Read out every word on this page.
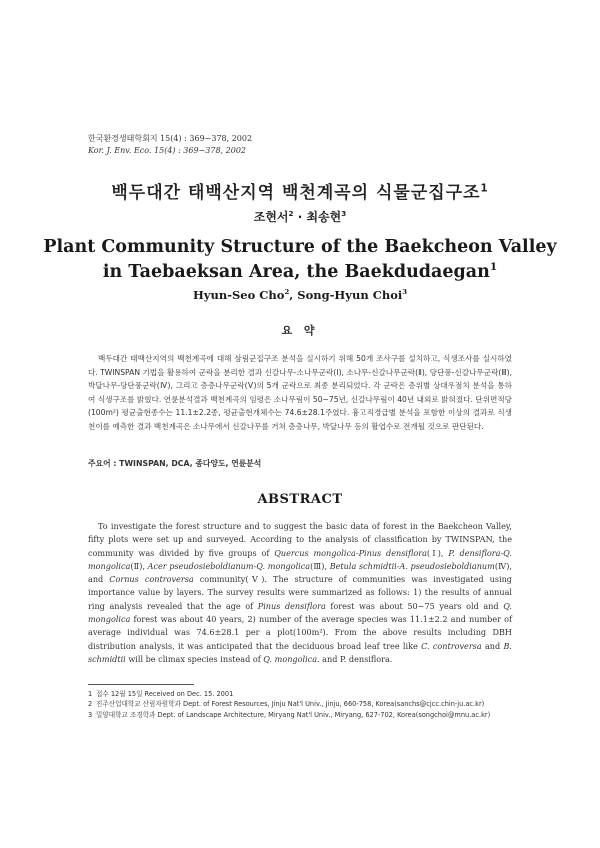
한국환경생태학회지 15(4) : 369~378, 2002
Kor. J. Env. Eco. 15(4) : 369~378, 2002
백두대간 태백산지역 백천계곡의 식물군집구조$^1$
조현서$^2$ · 최송현$^3$
Plant Community Structure of the Baekcheon Valley
in Taebaeksan Area, the Baekdudaegan$^1$
Hyun-Seo Cho$^2$, Song-Hyun Choi$^3$
요 약

백두대간 태백산지역의 백천계곡에 대해 삼림군집구조 분석을 실시하기 위해 50개 조사구를 설치하고, 식생조사를 실시하였다. TWINSPAN 기법을 활용하여 군락을 분리한 결과 신갈나무-소나무군락(Ⅰ), 소나무-신갈나무군락(Ⅱ), 당단풍-신갈나무군락(Ⅲ), 박달나무-당단풍군락(Ⅳ), 그리고 층층나무군락(Ⅴ)의 5개 군락으로 최종 분리되었다. 각 군락은 층위별 상대우점치 분석을 통하여 식생구조를 밝혔다. 연륜분석결과 백천계곡의 임령은 소나무림이 50~75년, 신갈나무림이 40년 내외로 밝혀졌다. 단위면적당(100m²) 평균출현종수는 11.1±2.2종, 평균출현개체수는 74.6±28.1주였다. 흉고직경급별 분석을 포함한 이상의 결과로 식생천이를 예측한 결과 백천계곡은 소나무에서 신갈나무를 거쳐 층층나무, 박달나무 등의 활엽수로 전개될 것으로 판단된다.

주요어 : TWINSPAN, DCA, 종다양도, 연륜분석
ABSTRACT

To investigate the forest structure and to suggest the basic data of forest in the Baekcheon Valley, fifty plots were set up and surveyed. According to the analysis of classification by TWINSPAN, the community was divided by five groups of Quercus mongolica-Pinus densiflora(Ⅰ), P. densiflora-Q. mongolica(Ⅱ), Acer pseudosieboldianum-Q. mongolica(Ⅲ), Betula schmidtii-A. pseudosieboldianum(Ⅳ), and Cornus controversa community(Ⅴ). The structure of communities was investigated using importance value by layers. The survey results were summarized as follows: 1) the results of annual ring analysis revealed that the age of Pinus densiflora forest was about 50~75 years old and Q. mongolica forest was about 40 years, 2) number of the average species was 11.1±2.2 and number of average individual was 74.6±28.1 per a plot(100m²). From the above results including DBH distribution analysis, it was anticipated that the deciduous broad leaf tree like C. controversa and B. schmidtii will be climax species instead of Q. mongolica. and P. densiflora.

1 접수 12월 15일 Received on Dec. 15. 2001
2 진주산업대학교 산림자원학과 Dept. of Forest Resources, Jinju Nat'l Univ., Jinju, 660-758, Korea(sanchs@cjcc.chin-ju.ac.kr)
3 밀양대학교 조경학과 Dept. of Landscape Architecture, Miryang Nat'l Univ., Miryang, 627-702, Korea(songchoi@mnu.ac.kr)
